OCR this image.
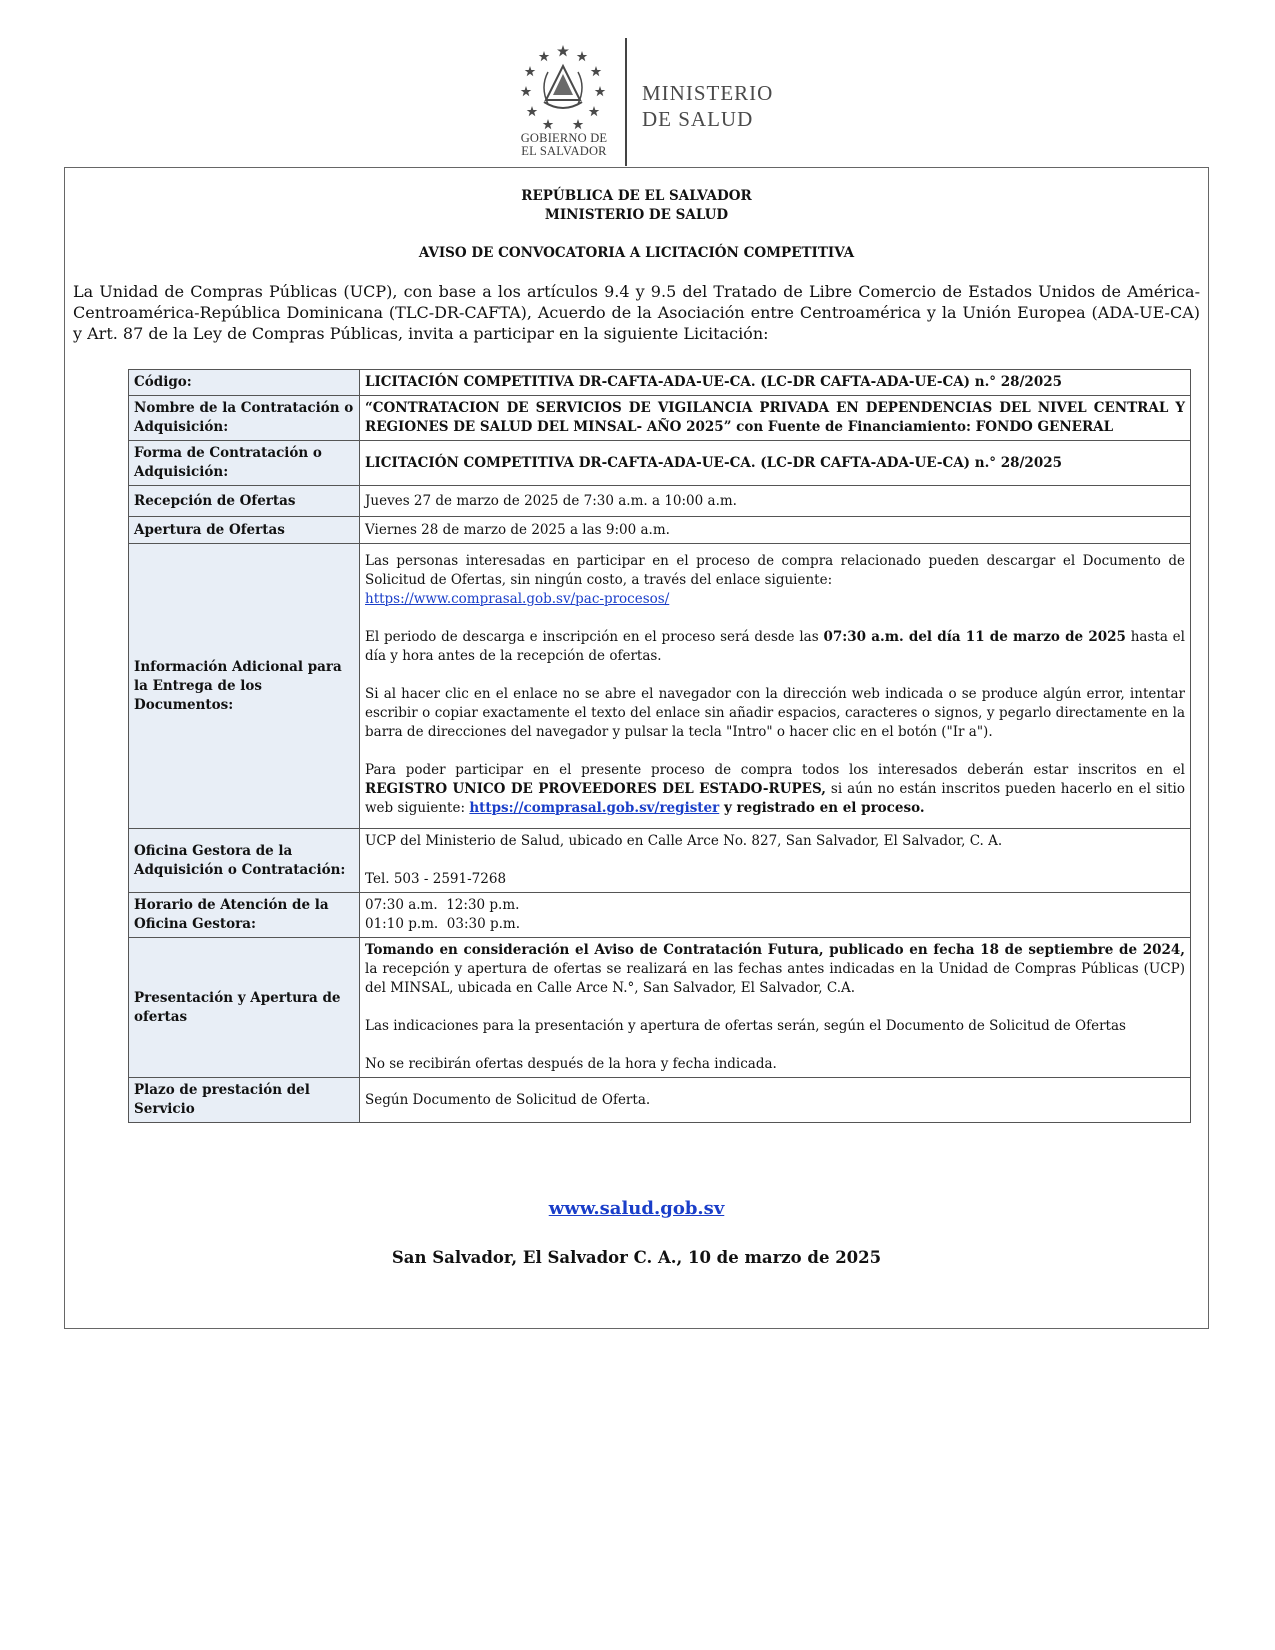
GOBIERNO DE
EL SALVADOR
MINISTERIO
DE SALUD
REPÚBLICA DE EL SALVADOR
MINISTERIO DE SALUD
AVISO DE CONVOCATORIA A LICITACIÓN COMPETITIVA
La Unidad de Compras Públicas (UCP), con base a los artículos 9.4 y 9.5 del Tratado de Libre Comercio de Estados Unidos de América-Centroamérica-República Dominicana (TLC-DR-CAFTA), Acuerdo de la Asociación entre Centroamérica y la Unión Europea (ADA-UE-CA) y Art. 87 de la Ley de Compras Públicas, invita a participar en la siguiente Licitación:
Código:	LICITACIÓN COMPETITIVA DR-CAFTA-ADA-UE-CA. (LC-DR CAFTA-ADA-UE-CA) n.° 28/2025
Nombre de la Contratación o Adquisición:	“CONTRATACION DE SERVICIOS DE VIGILANCIA PRIVADA EN DEPENDENCIAS DEL NIVEL CENTRAL Y REGIONES DE SALUD DEL MINSAL- AÑO 2025” con Fuente de Financiamiento: FONDO GENERAL
Forma de Contratación o Adquisición:	LICITACIÓN COMPETITIVA DR-CAFTA-ADA-UE-CA. (LC-DR CAFTA-ADA-UE-CA) n.° 28/2025
Recepción de Ofertas	Jueves 27 de marzo de 2025 de 7:30 a.m. a 10:00 a.m.
Apertura de Ofertas	Viernes 28 de marzo de 2025 a las 9:00 a.m.
Información Adicional para la Entrega de los Documentos:	Las personas interesadas en participar en el proceso de compra relacionado pueden descargar el Documento de Solicitud de Ofertas, sin ningún costo, a través del enlace siguiente:
https://www.comprasal.gob.sv/pac-procesos/
El periodo de descarga e inscripción en el proceso será desde las 07:30 a.m. del día 11 de marzo de 2025 hasta el día y hora antes de la recepción de ofertas.
Si al hacer clic en el enlace no se abre el navegador con la dirección web indicada o se produce algún error, intentar escribir o copiar exactamente el texto del enlace sin añadir espacios, caracteres o signos, y pegarlo directamente en la barra de direcciones del navegador y pulsar la tecla "Intro" o hacer clic en el botón ("Ir a").
Para poder participar en el presente proceso de compra todos los interesados deberán estar inscritos en el REGISTRO UNICO DE PROVEEDORES DEL ESTADO-RUPES, si aún no están inscritos pueden hacerlo en el sitio web siguiente: https://comprasal.gob.sv/register y registrado en el proceso.

Oficina Gestora de la Adquisición o Contratación:	UCP del Ministerio de Salud, ubicado en Calle Arce No. 827, San Salvador, El Salvador, C. A.
Tel. 503 - 2591-7268

Horario de Atención de la Oficina Gestora:	07:30 a.m.  12:30 p.m.
01:10 p.m.  03:30 p.m.

Presentación y Apertura de ofertas	Tomando en consideración el Aviso de Contratación Futura, publicado en fecha 18 de septiembre de 2024, la recepción y apertura de ofertas se realizará en las fechas antes indicadas en la Unidad de Compras Públicas (UCP) del MINSAL, ubicada en Calle Arce N.°, San Salvador, El Salvador, C.A.
Las indicaciones para la presentación y apertura de ofertas serán, según el Documento de Solicitud de Ofertas
No se recibirán ofertas después de la hora y fecha indicada.

Plazo de prestación del Servicio	Según Documento de Solicitud de Oferta.
www.salud.gob.sv
San Salvador, El Salvador C. A., 10 de marzo de 2025
